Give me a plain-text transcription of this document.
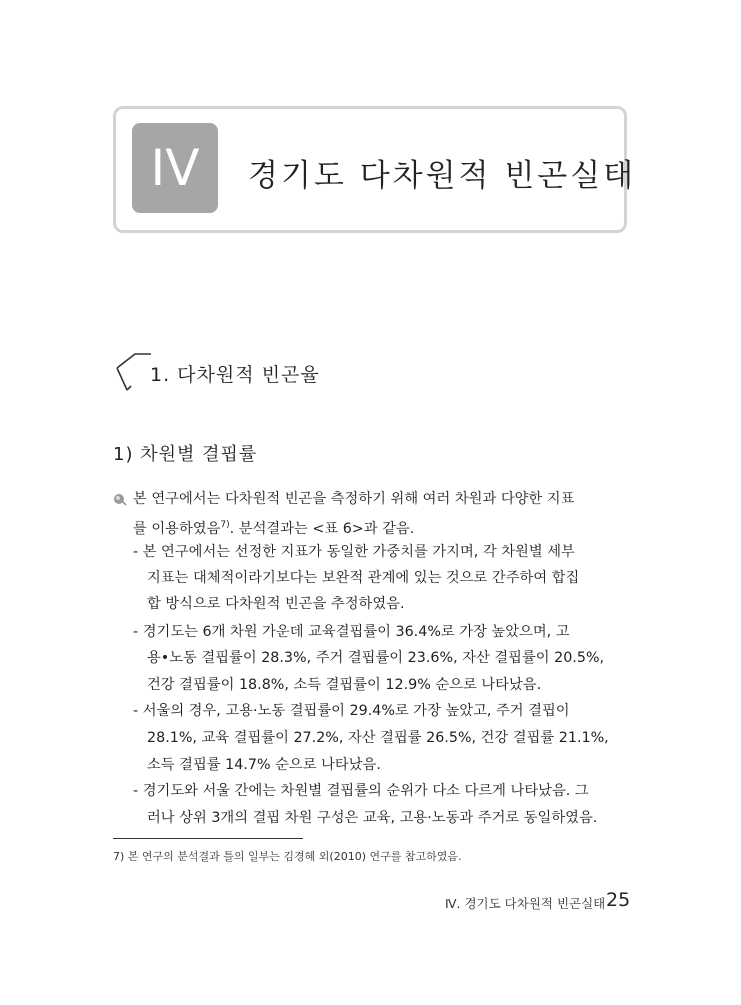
IV	경기도 다차원적 빈곤실태
1. 다차원적 빈곤율
1) 차원별 결핍률
본 연구에서는 다차원적 빈곤을 측정하기 위해 여러 차원과 다양한 지표
를 이용하였음$^{7)}$. 분석결과는 <표 6>과 같음.
- 본 연구에서는 선정한 지표가 동일한 가중치를 가지며, 각 차원별 세부
지표는 대체적이라기보다는 보완적 관계에 있는 것으로 간주하여 합집
합 방식으로 다차원적 빈곤을 추정하였음.
- 경기도는 6개 차원 가운데 교육결핍률이 36.4%로 가장 높았으며, 고
용•노동 결핍률이 28.3%, 주거 결핍률이 23.6%, 자산 결핍률이 20.5%,
건강 결핍률이 18.8%, 소득 결핍률이 12.9% 순으로 나타났음.
- 서울의 경우, 고용·노동 결핍률이 29.4%로 가장 높았고, 주거 결핍이
28.1%, 교육 결핍률이 27.2%, 자산 결핍률 26.5%, 건강 결핍률 21.1%,
소득 결핍률 14.7% 순으로 나타났음.
- 경기도와 서울 간에는 차원별 결핍률의 순위가 다소 다르게 나타났음. 그
러나 상위 3개의 결핍 차원 구성은 교육, 고용·노동과 주거로 동일하였음.
7) 본 연구의 분석결과 틀의 일부는 김경혜 외(2010) 연구를 참고하였음.
Ⅳ. 경기도 다차원적 빈곤실태 25
